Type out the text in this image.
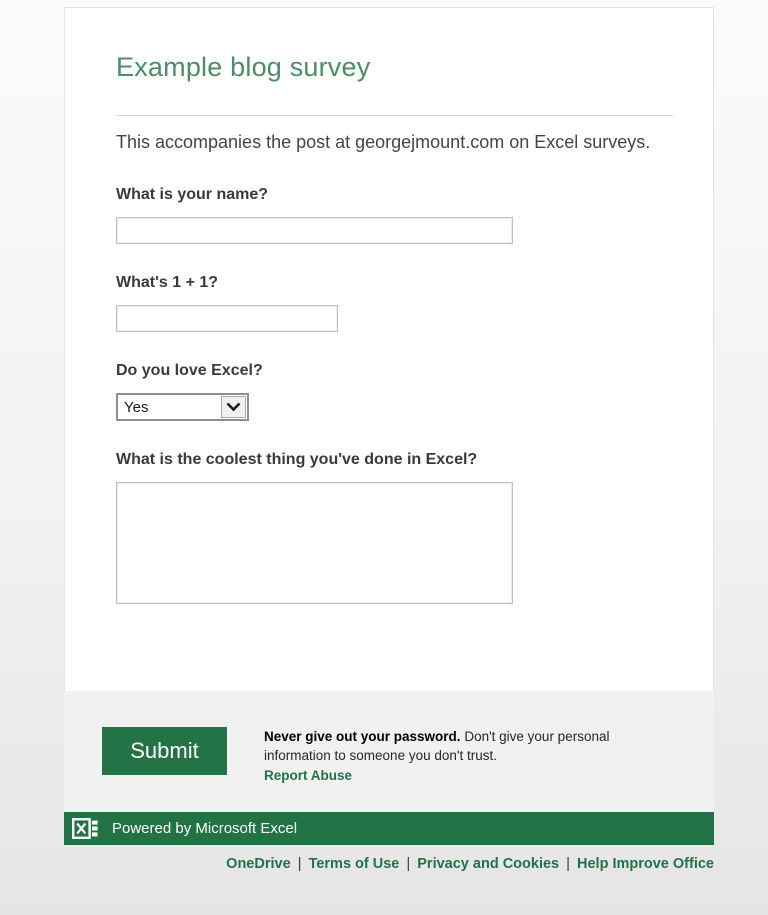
Example blog survey

This accompanies the post at georgejmount.com on Excel surveys.

What is your name?
What's 1 + 1?
Do you love Excel?
Yes
What is the coolest thing you've done in Excel?
Submit
Never give out your password. Don't give your personal information to someone you don't trust.
Report Abuse
Powered by Microsoft Excel
OneDrive | Terms of Use | Privacy and Cookies | Help Improve Office
